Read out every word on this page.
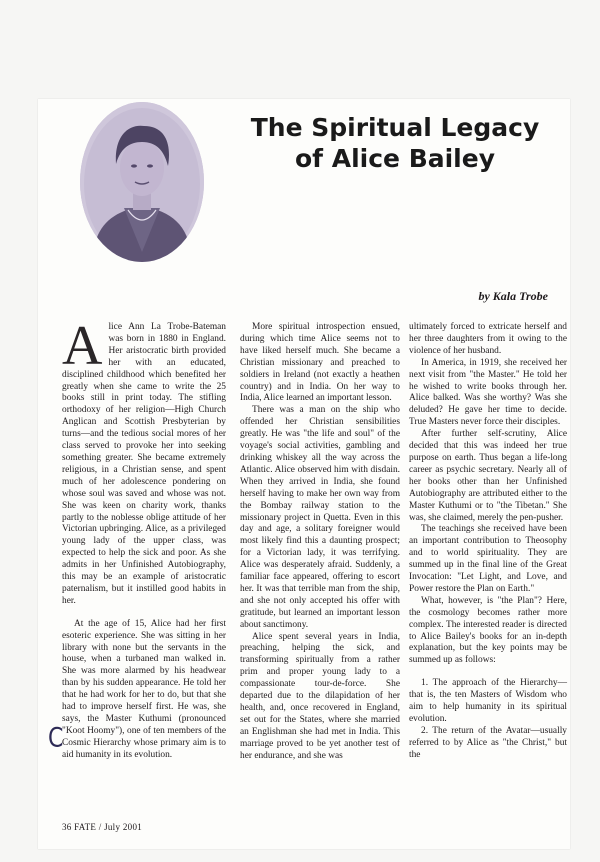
The Spiritual Legacy
of Alice Bailey
by Kala Trobe
A lice Ann La Trobe-Bateman was born in 1880 in England. Her aristocratic birth provided her with an educated, disciplined childhood which benefited her greatly when she came to write the 25 books still in print today. The stifling orthodoxy of her religion—High Church Anglican and Scottish Presbyterian by turns—and the tedious social mores of her class served to provoke her into seeking something greater. She became extremely religious, in a Christian sense, and spent much of her adolescence pondering on whose soul was saved and whose was not. She was keen on charity work, thanks partly to the noblesse oblige attitude of her Victorian upbringing. Alice, as a privileged young lady of the upper class, was expected to help the sick and poor. As she admits in her Unfinished Autobiography, this may be an example of aristocratic paternalism, but it instilled good habits in her.

At the age of 15, Alice had her first esoteric experience. She was sitting in her library with none but the servants in the house, when a turbaned man walked in. She was more alarmed by his headwear than by his sudden appearance. He told her that he had work for her to do, but that she had to improve herself first. He was, she says, the Master Kuthumi (pronounced "Koot Hoomy"), one of ten members of the Cosmic Hierarchy whose primary aim is to aid humanity in its evolution.

More spiritual introspection ensued, during which time Alice seems not to have liked herself much. She became a Christian missionary and preached to soldiers in Ireland (not exactly a heathen country) and in India. On her way to India, Alice learned an important lesson.

There was a man on the ship who offended her Christian sensibilities greatly. He was "the life and soul" of the voyage's social activities, gambling and drinking whiskey all the way across the Atlantic. Alice observed him with disdain. When they arrived in India, she found herself having to make her own way from the Bombay railway station to the missionary project in Quetta. Even in this day and age, a solitary foreigner would most likely find this a daunting prospect; for a Victorian lady, it was terrifying. Alice was desperately afraid. Suddenly, a familiar face appeared, offering to escort her. It was that terrible man from the ship, and she not only accepted his offer with gratitude, but learned an important lesson about sanctimony.

Alice spent several years in India, preaching, helping the sick, and transforming spiritually from a rather prim and proper young lady to a compassionate tour-de-force. She departed due to the dilapidation of her health, and, once recovered in England, set out for the States, where she married an Englishman she had met in India. This marriage proved to be yet another test of her endurance, and she was

ultimately forced to extricate herself and her three daughters from it owing to the violence of her husband.

In America, in 1919, she received her next visit from "the Master." He told her he wished to write books through her. Alice balked. Was she worthy? Was she deluded? He gave her time to decide. True Masters never force their disciples.

After further self-scrutiny, Alice decided that this was indeed her true purpose on earth. Thus began a life-long career as psychic secretary. Nearly all of her books other than her Unfinished Autobiography are attributed either to the Master Kuthumi or to "the Tibetan." She was, she claimed, merely the pen-pusher.

The teachings she received have been an important contribution to Theosophy and to world spirituality. They are summed up in the final line of the Great Invocation: "Let Light, and Love, and Power restore the Plan on Earth."

What, however, is "the Plan"? Here, the cosmology becomes rather more complex. The interested reader is directed to Alice Bailey's books for an in-depth explanation, but the key points may be summed up as follows:

1. The approach of the Hierarchy—that is, the ten Masters of Wisdom who aim to help humanity in its spiritual evolution.

2. The return of the Avatar—usually referred to by Alice as "the Christ," but the

C
36 FATE / July 2001
